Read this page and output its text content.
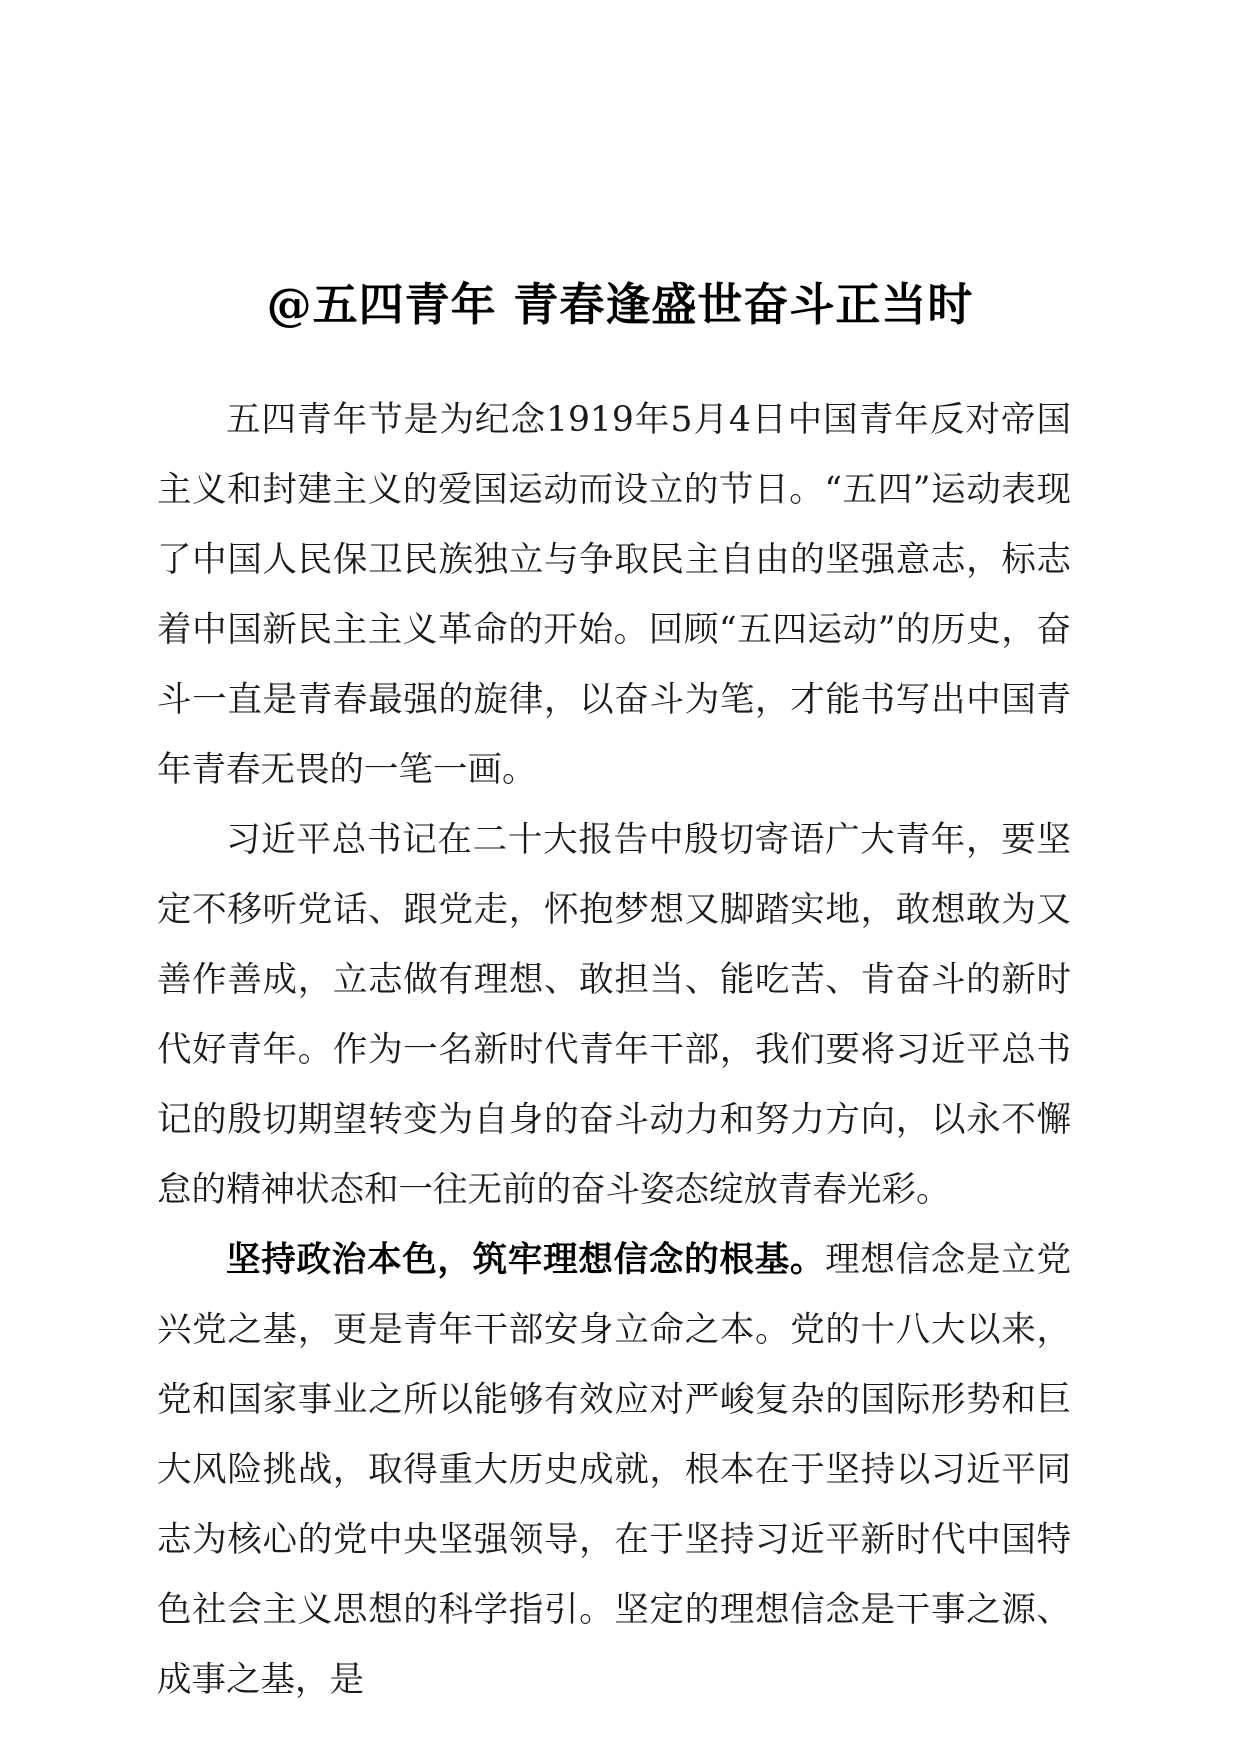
@五四青年 青春逢盛世奋斗正当时

五四青年节是为纪念1919年5月4日中国青年反对帝国主义和封建主义的爱国运动而设立的节日。“五四”运动表现了中国人民保卫民族独立与争取民主自由的坚强意志，标志着中国新民主主义革命的开始。回顾“五四运动”的历史，奋斗一直是青春最强的旋律，以奋斗为笔，才能书写出中国青年青春无畏的一笔一画。

习近平总书记在二十大报告中殷切寄语广大青年，要坚定不移听党话、跟党走，怀抱梦想又脚踏实地，敢想敢为又善作善成，立志做有理想、敢担当、能吃苦、肯奋斗的新时代好青年。作为一名新时代青年干部，我们要将习近平总书记的殷切期望转变为自身的奋斗动力和努力方向，以永不懈怠的精神状态和一往无前的奋斗姿态绽放青春光彩。

坚持政治本色，筑牢理想信念的根基。理想信念是立党兴党之基，更是青年干部安身立命之本。党的十八大以来，党和国家事业之所以能够有效应对严峻复杂的国际形势和巨大风险挑战，取得重大历史成就，根本在于坚持以习近平同志为核心的党中央坚强领导，在于坚持习近平新时代中国特色社会主义思想的科学指引。坚定的理想信念是干事之源、成事之基，是
